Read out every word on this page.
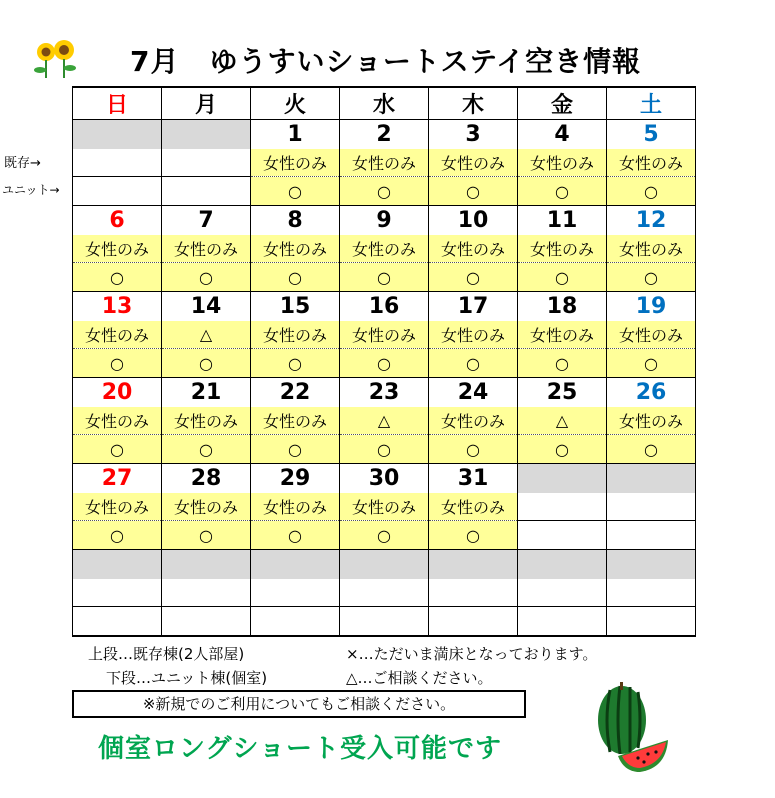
7月 ゆうすいショートステイ空き情報
既存→
ユニット→
日	月	火	水	木	金	土
		1	2	3	4	5
		女性のみ	女性のみ	女性のみ	女性のみ	女性のみ
		○	○	○	○	○
6	7	8	9	10	11	12
女性のみ	女性のみ	女性のみ	女性のみ	女性のみ	女性のみ	女性のみ
○	○	○	○	○	○	○
13	14	15	16	17	18	19
女性のみ	△	女性のみ	女性のみ	女性のみ	女性のみ	女性のみ
○	○	○	○	○	○	○
20	21	22	23	24	25	26
女性のみ	女性のみ	女性のみ	△	女性のみ	△	女性のみ
○	○	○	○	○	○	○
27	28	29	30	31		
女性のみ	女性のみ	女性のみ	女性のみ	女性のみ		
○	○	○	○	○		

上段…既存棟(2人部屋)
下段…ユニット棟(個室)
×…ただいま満床となっております。
△…ご相談ください。
※新規でのご利用についてもご相談ください。
個室ロングショート受入可能です
